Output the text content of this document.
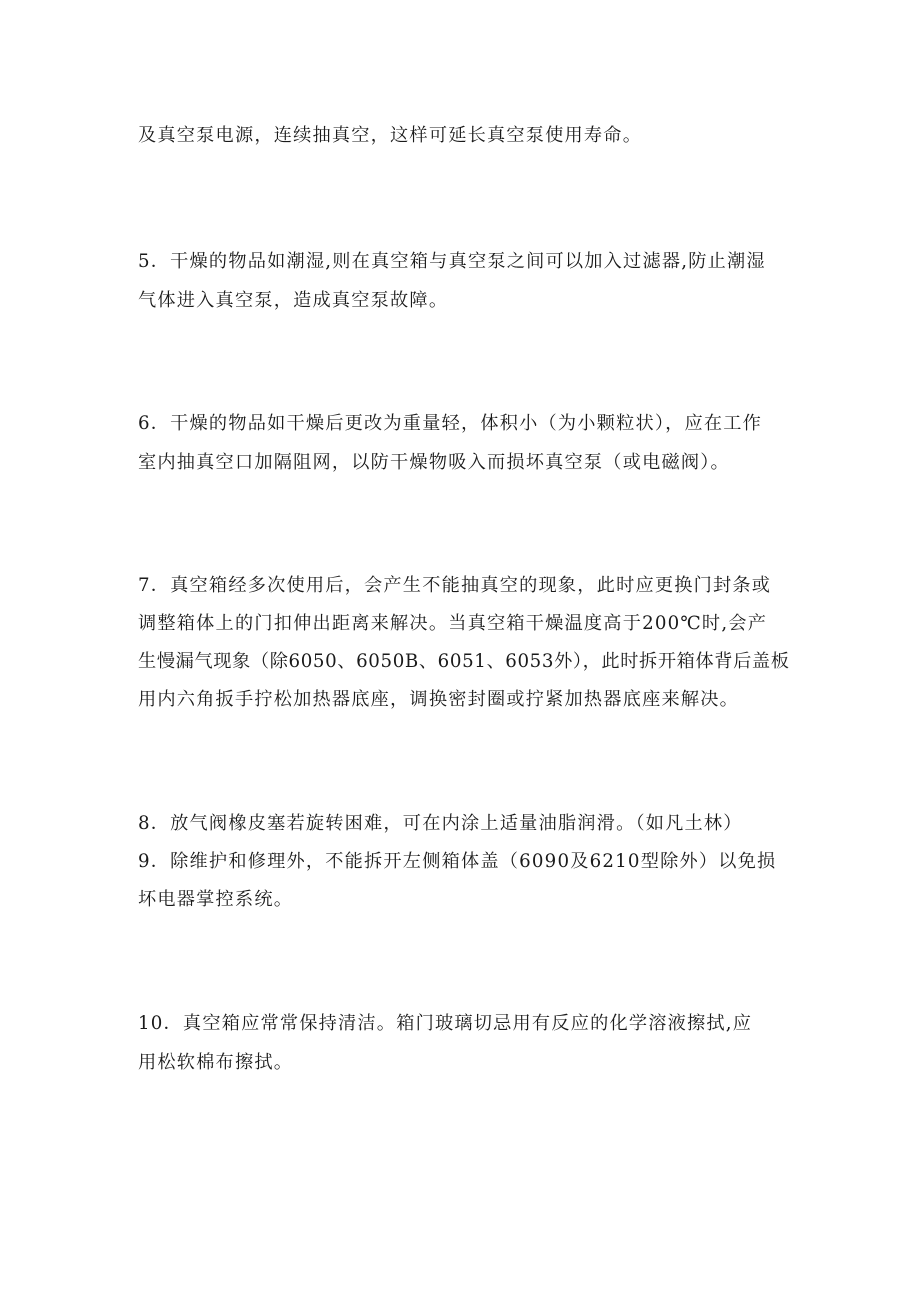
及真空泵电源，连续抽真空，这样可延长真空泵使用寿命。
5．干燥的物品如潮湿,则在真空箱与真空泵之间可以加入过滤器,防止潮湿
气体进入真空泵，造成真空泵故障。
6．干燥的物品如干燥后更改为重量轻，体积小（为小颗粒状），应在工作
室内抽真空口加隔阻网，以防干燥物吸入而损坏真空泵（或电磁阀）。
7．真空箱经多次使用后，会产生不能抽真空的现象，此时应更换门封条或
调整箱体上的门扣伸出距离来解决。当真空箱干燥温度高于200℃时,会产
生慢漏气现象（除6050、6050B、6051、6053外），此时拆开箱体背后盖板
用内六角扳手拧松加热器底座，调换密封圈或拧紧加热器底座来解决。
8．放气阀橡皮塞若旋转困难，可在内涂上适量油脂润滑。（如凡土林）
9．除维护和修理外，不能拆开左侧箱体盖（6090及6210型除外）以免损
坏电器掌控系统。
10．真空箱应常常保持清洁。箱门玻璃切忌用有反应的化学溶液擦拭,应
用松软棉布擦拭。
